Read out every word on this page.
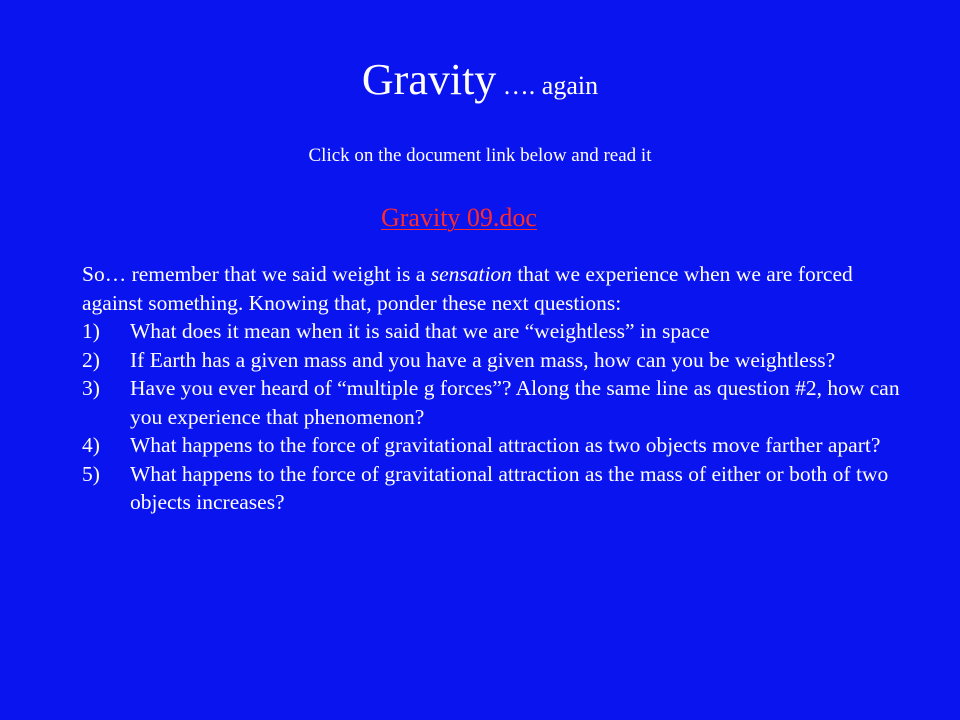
Gravity …. again
Click on the document link below and read it
Gravity 09.doc

So… remember that we said weight is a sensation that we experience when we are forced against something. Knowing that, ponder these next questions:

1) What does it mean when it is said that we are “weightless” in space
2) If Earth has a given mass and you have a given mass, how can you be weightless?
3) Have you ever heard of “multiple g forces”? Along the same line as question #2, how can you experience that phenomenon?
4) What happens to the force of gravitational attraction as two objects move farther apart?
5) What happens to the force of gravitational attraction as the mass of either or both of two objects increases?
